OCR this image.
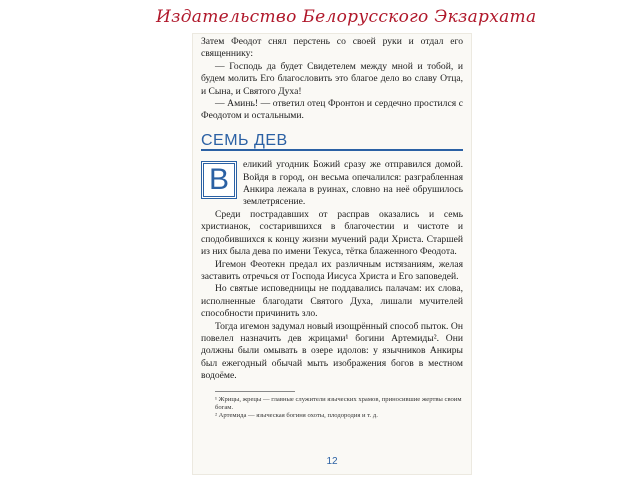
Издательство Белорусского Экзархата

Затем Феодот снял перстень со своей руки и отдал его священнику:

— Господь да будет Свидетелем между мной и тобой, и будем молить Его благословить это благое дело во славу Отца, и Сына, и Святого Духа!

— Аминь! — ответил отец Фронтон и сердечно простился с Феодотом и остальными.

СЕМЬ ДЕВ

В	еликий угодник Божий сразу же отправился домой. Войдя в город, он весьма опечалился: разграбленная Анкира лежала в руинах, словно на неё обрушилось землетрясение.

Среди пострадавших от расправ оказались и семь христианок, состарившихся в благочестии и чистоте и сподобившихся к концу жизни мучений ради Христа. Старшей из них была дева по имени Текуса, тётка блаженного Феодота.

Игемон Феотекн предал их различным истязаниям, желая заставить отречься от Господа Иисуса Христа и Его заповедей.

Но святые исповедницы не поддавались палачам: их слова, исполненные благодати Святого Духа, лишали мучителей способности причинить зло.

Тогда игемон задумал новый изощрённый способ пыток. Он повелел назначить дев жрицами¹ богини Артемиды². Они должны были омывать в озере идолов: у язычников Анкиры был ежегодный обычай мыть изображения богов в местном водоёме.

¹ Жрицы, жрецы — главные служители языческих храмов, приносившие жертвы своим богам.

² Артемида — языческая богиня охоты, плодородия и т. д.

12
